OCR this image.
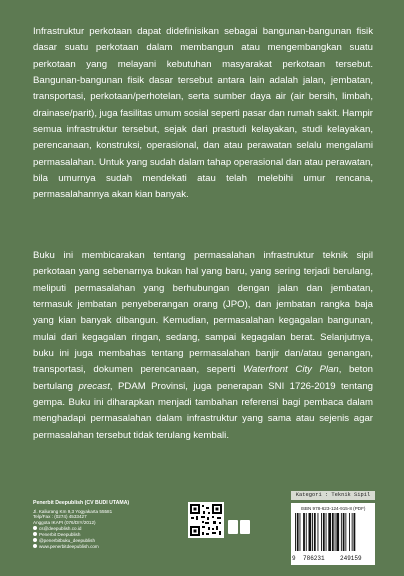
Infrastruktur perkotaan dapat didefinisikan sebagai bangunan-bangunan fisik dasar suatu perkotaan dalam membangun atau mengembangkan suatu perkotaan yang melayani kebutuhan masyarakat perkotaan tersebut. Bangunan-bangunan fisik dasar tersebut antara lain adalah jalan, jembatan, transportasi, perkotaan/perhotelan, serta sumber daya air (air bersih, limbah, drainase/parit), juga fasilitas umum sosial seperti pasar dan rumah sakit. Hampir semua infrastruktur tersebut, sejak dari prastudi kelayakan, studi kelayakan, perencanaan, konstruksi, operasional, dan atau perawatan selalu mengalami permasalahan. Untuk yang sudah dalam tahap operasional dan atau perawatan, bila umurnya sudah mendekati atau telah melebihi umur rencana, permasalahannya akan kian banyak.

Buku ini membicarakan tentang permasalahan infrastruktur teknik sipil perkotaan yang sebenarnya bukan hal yang baru, yang sering terjadi berulang, meliputi permasalahan yang berhubungan dengan jalan dan jembatan, termasuk jembatan penyeberangan orang (JPO), dan jembatan rangka baja yang kian banyak dibangun. Kemudian, permasalahan kegagalan bangunan, mulai dari kegagalan ringan, sedang, sampai kegagalan berat. Selanjutnya, buku ini juga membahas tentang permasalahan banjir dan/atau genangan, transportasi, dokumen perencanaan, seperti Waterfront City Plan, beton bertulang precast, PDAM Provinsi, juga penerapan SNI 1726-2019 tentang gempa. Buku ini diharapkan menjadi tambahan referensi bagi pembaca dalam menghadapi permasalahan dalam infrastruktur yang sama atau sejenis agar permasalahan tersebut tidak terulang kembali.

Penerbit Deepublish (CV BUDI UTAMA)
Jl. Kaliurang Km 9,3 Yogyakarta 55581
Telp/Fax : (0274) 4533427
Anggota IKAPI (076/DIY/2012)
cs@deepublish.co.id
Penerbit Deepublish
@penerbitbuku_deepublish
www.penerbitdeepublish.com
Kategori : Teknik Sipil
ISBN 978-623-124-915-8 (PDF)
9 786231	249159
